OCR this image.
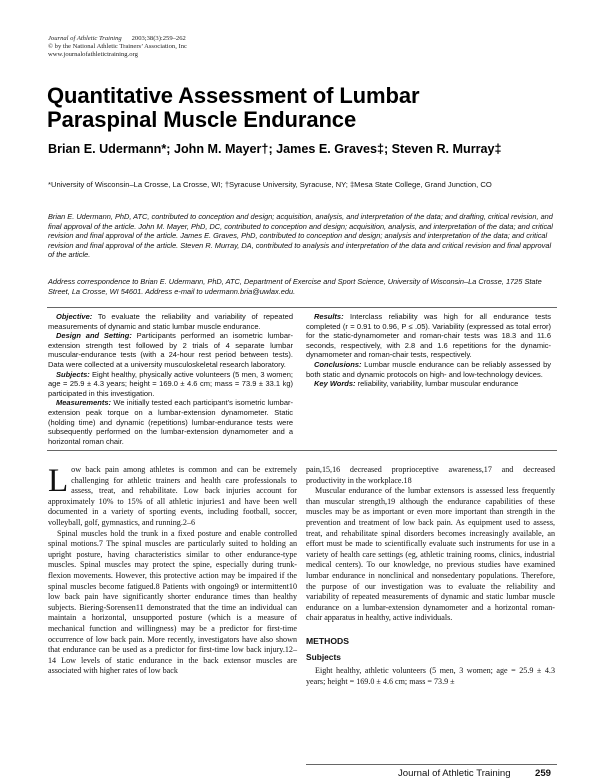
Journal of Athletic Training 2003;38(3):259–262
© by the National Athletic Trainers’ Association, Inc
www.journalofathletictraining.org
Quantitative Assessment of Lumbar
Paraspinal Muscle Endurance
Brian E. Udermann*; John M. Mayer†; James E. Graves‡; Steven R. Murray‡
*University of Wisconsin–La Crosse, La Crosse, WI; †Syracuse University, Syracuse, NY; ‡Mesa State College, Grand Junction, CO
Brian E. Udermann, PhD, ATC, contributed to conception and design; acquisition, analysis, and interpretation of the data; and drafting, critical revision, and final approval of the article. John M. Mayer, PhD, DC, contributed to conception and design; acquisition, analysis, and interpretation of the data; and critical revision and final approval of the article. James E. Graves, PhD, contributed to conception and design; analysis and interpretation of the data; and critical revision and final approval of the article. Steven R. Murray, DA, contributed to analysis and interpretation of the data and critical revision and final approval of the article.
Address correspondence to Brian E. Udermann, PhD, ATC, Department of Exercise and Sport Science, University of Wisconsin–La Crosse, 1725 State Street, La Crosse, WI 54601. Address e-mail to udermann.bria@uwlax.edu.

Objective: To evaluate the reliability and variability of repeated measurements of dynamic and static lumbar muscle endurance.

Design and Setting: Participants performed an isometric lumbar-extension strength test followed by 2 trials of 4 separate lumbar muscular-endurance tests (with a 24-hour rest period between tests). Data were collected at a university musculoskeletal research laboratory.

Subjects: Eight healthy, physically active volunteers (5 men, 3 women; age = 25.9 ± 4.3 years; height = 169.0 ± 4.6 cm; mass = 73.9 ± 33.1 kg) participated in this investigation.

Measurements: We initially tested each participant’s isometric lumbar-extension peak torque on a lumbar-extension dynamometer. Static (holding time) and dynamic (repetitions) lumbar-endurance tests were subsequently performed on the lumbar-extension dynamometer and a horizontal roman chair.

Results: Interclass reliability was high for all endurance tests completed (r = 0.91 to 0.96, P ≤ .05). Variability (expressed as total error) for the static-dynamometer and roman-chair tests was 18.3 and 11.6 seconds, respectively, with 2.8 and 1.6 repetitions for the dynamic-dynamometer and roman-chair tests, respectively.

Conclusions: Lumbar muscle endurance can be reliably assessed by both static and dynamic protocols on high- and low-technology devices.

Key Words: reliability, variability, lumbar muscular endurance

Low back pain among athletes is common and can be extremely challenging for athletic trainers and health care professionals to assess, treat, and rehabilitate. Low back injuries account for approximately 10% to 15% of all athletic injuries1 and have been well documented in a variety of sporting events, including football, soccer, volleyball, golf, gymnastics, and running.2–6

Spinal muscles hold the trunk in a fixed posture and enable controlled spinal motions.7 The spinal muscles are particularly suited to holding an upright posture, having characteristics similar to other endurance-type muscles. Spinal muscles may protect the spine, especially during trunk-flexion movements. However, this protective action may be impaired if the spinal muscles become fatigued.8 Patients with ongoing9 or intermittent10 low back pain have significantly shorter endurance times than healthy subjects. Biering-Sorensen11 demonstrated that the time an individual can maintain a horizontal, unsupported posture (which is a measure of mechanical function and willingness) may be a predictor for first-time occurrence of low back pain. More recently, investigators have also shown that endurance can be used as a predictor for first-time low back injury.12–14 Low levels of static endurance in the back extensor muscles are associated with higher rates of low back

pain,15,16 decreased proprioceptive awareness,17 and decreased productivity in the workplace.18

Muscular endurance of the lumbar extensors is assessed less frequently than muscular strength,19 although the endurance capabilities of these muscles may be as important or even more important than strength in the prevention and treatment of low back pain. As equipment used to assess, treat, and rehabilitate spinal disorders becomes increasingly available, an effort must be made to scientifically evaluate such instruments for use in a variety of health care settings (eg, athletic training rooms, clinics, industrial medical centers). To our knowledge, no previous studies have examined lumbar endurance in nonclinical and nonsedentary populations. Therefore, the purpose of our investigation was to evaluate the reliability and variability of repeated measurements of dynamic and static lumbar muscle endurance on a lumbar-extension dynamometer and a horizontal roman-chair apparatus in healthy, active individuals.

METHODS
Subjects

Eight healthy, athletic volunteers (5 men, 3 women; age = 25.9 ± 4.3 years; height = 169.0 ± 4.6 cm; mass = 73.9 ±

Journal of Athletic Training	259
